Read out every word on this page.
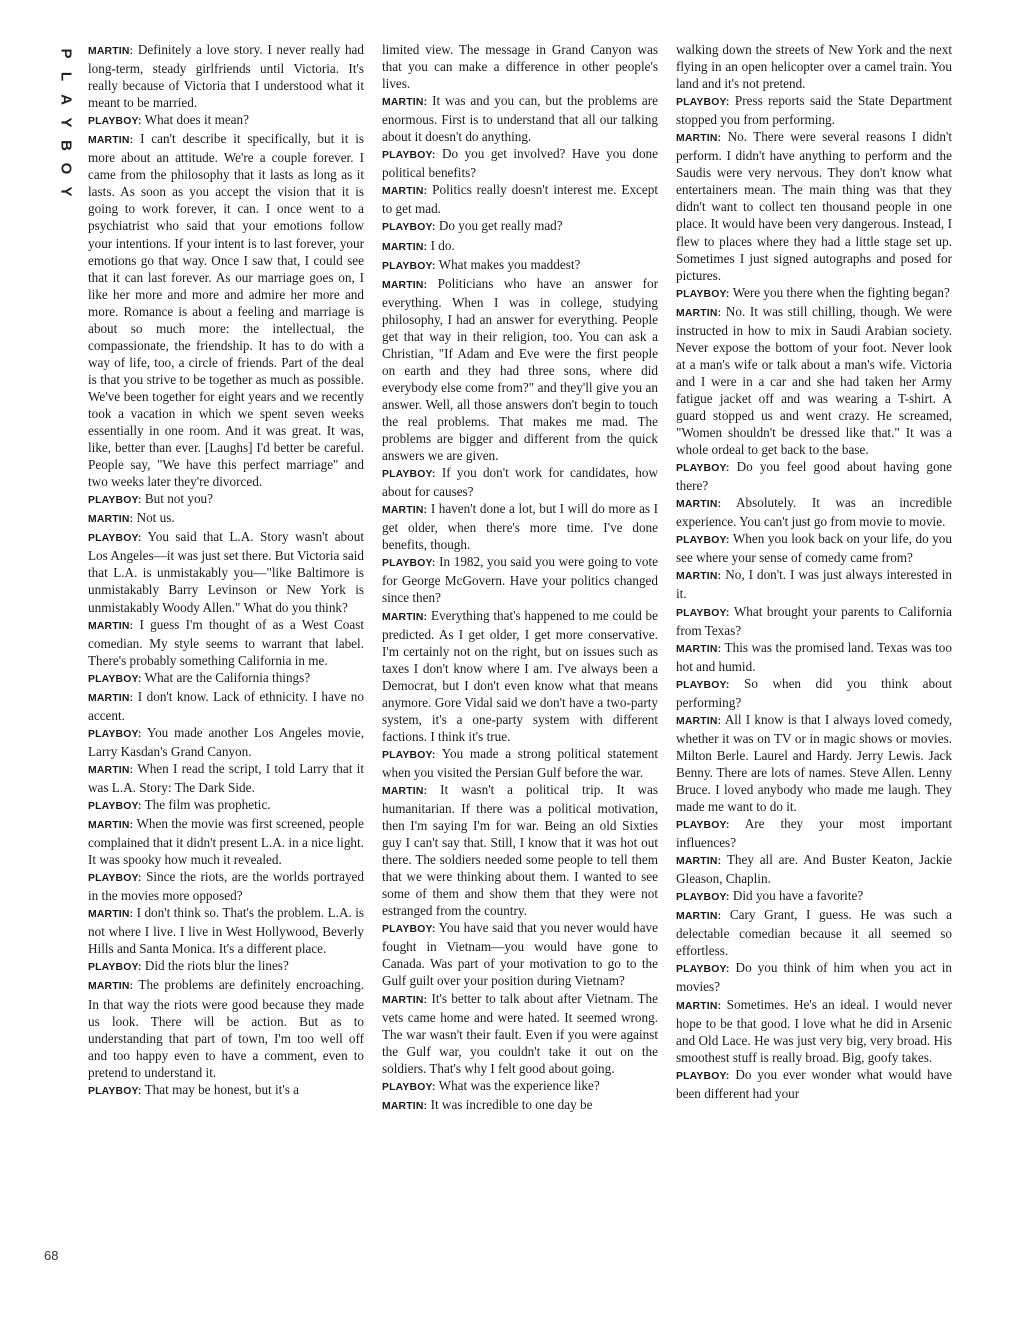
P
L
A
Y
B
O
Y

MARTIN: Definitely a love story. I never really had long-term, steady girlfriends until Victoria. It's really because of Victoria that I understood what it meant to be married.

PLAYBOY: What does it mean?

MARTIN: I can't describe it specifically, but it is more about an attitude. We're a couple forever. I came from the philosophy that it lasts as long as it lasts. As soon as you accept the vision that it is going to work forever, it can. I once went to a psychiatrist who said that your emotions follow your intentions. If your intent is to last forever, your emotions go that way. Once I saw that, I could see that it can last forever. As our marriage goes on, I like her more and more and admire her more and more. Romance is about a feeling and marriage is about so much more: the intellectual, the compassionate, the friendship. It has to do with a way of life, too, a circle of friends. Part of the deal is that you strive to be together as much as possible. We've been together for eight years and we recently took a vacation in which we spent seven weeks essentially in one room. And it was great. It was, like, better than ever. [Laughs] I'd better be careful. People say, "We have this perfect marriage" and two weeks later they're divorced.

PLAYBOY: But not you?

MARTIN: Not us.

PLAYBOY: You said that L.A. Story wasn't about Los Angeles—it was just set there. But Victoria said that L.A. is unmistakably you—"like Baltimore is unmistakably Barry Levinson or New York is unmistakably Woody Allen." What do you think?

MARTIN: I guess I'm thought of as a West Coast comedian. My style seems to warrant that label. There's probably something California in me.

PLAYBOY: What are the California things?

MARTIN: I don't know. Lack of ethnicity. I have no accent.

PLAYBOY: You made another Los Angeles movie, Larry Kasdan's Grand Canyon.

MARTIN: When I read the script, I told Larry that it was L.A. Story: The Dark Side.

PLAYBOY: The film was prophetic.

MARTIN: When the movie was first screened, people complained that it didn't present L.A. in a nice light. It was spooky how much it revealed.

PLAYBOY: Since the riots, are the worlds portrayed in the movies more opposed?

MARTIN: I don't think so. That's the problem. L.A. is not where I live. I live in West Hollywood, Beverly Hills and Santa Monica. It's a different place.

PLAYBOY: Did the riots blur the lines?

MARTIN: The problems are definitely encroaching. In that way the riots were good because they made us look. There will be action. But as to understanding that part of town, I'm too well off and too happy even to have a comment, even to pretend to understand it.

PLAYBOY: That may be honest, but it's a

limited view. The message in Grand Canyon was that you can make a difference in other people's lives.

MARTIN: It was and you can, but the problems are enormous. First is to understand that all our talking about it doesn't do anything.

PLAYBOY: Do you get involved? Have you done political benefits?

MARTIN: Politics really doesn't interest me. Except to get mad.

PLAYBOY: Do you get really mad?

MARTIN: I do.

PLAYBOY: What makes you maddest?

MARTIN: Politicians who have an answer for everything. When I was in college, studying philosophy, I had an answer for everything. People get that way in their religion, too. You can ask a Christian, "If Adam and Eve were the first people on earth and they had three sons, where did everybody else come from?" and they'll give you an answer. Well, all those answers don't begin to touch the real problems. That makes me mad. The problems are bigger and different from the quick answers we are given.

PLAYBOY: If you don't work for candidates, how about for causes?

MARTIN: I haven't done a lot, but I will do more as I get older, when there's more time. I've done benefits, though.

PLAYBOY: In 1982, you said you were going to vote for George McGovern. Have your politics changed since then?

MARTIN: Everything that's happened to me could be predicted. As I get older, I get more conservative. I'm certainly not on the right, but on issues such as taxes I don't know where I am. I've always been a Democrat, but I don't even know what that means anymore. Gore Vidal said we don't have a two-party system, it's a one-party system with different factions. I think it's true.

PLAYBOY: You made a strong political statement when you visited the Persian Gulf before the war.

MARTIN: It wasn't a political trip. It was humanitarian. If there was a political motivation, then I'm saying I'm for war. Being an old Sixties guy I can't say that. Still, I know that it was hot out there. The soldiers needed some people to tell them that we were thinking about them. I wanted to see some of them and show them that they were not estranged from the country.

PLAYBOY: You have said that you never would have fought in Vietnam—you would have gone to Canada. Was part of your motivation to go to the Gulf guilt over your position during Vietnam?

MARTIN: It's better to talk about after Vietnam. The vets came home and were hated. It seemed wrong. The war wasn't their fault. Even if you were against the Gulf war, you couldn't take it out on the soldiers. That's why I felt good about going.

PLAYBOY: What was the experience like?

MARTIN: It was incredible to one day be

walking down the streets of New York and the next flying in an open helicopter over a camel train. You land and it's not pretend.

PLAYBOY: Press reports said the State Department stopped you from performing.

MARTIN: No. There were several reasons I didn't perform. I didn't have anything to perform and the Saudis were very nervous. They don't know what entertainers mean. The main thing was that they didn't want to collect ten thousand people in one place. It would have been very dangerous. Instead, I flew to places where they had a little stage set up. Sometimes I just signed autographs and posed for pictures.

PLAYBOY: Were you there when the fighting began?

MARTIN: No. It was still chilling, though. We were instructed in how to mix in Saudi Arabian society. Never expose the bottom of your foot. Never look at a man's wife or talk about a man's wife. Victoria and I were in a car and she had taken her Army fatigue jacket off and was wearing a T-shirt. A guard stopped us and went crazy. He screamed, "Women shouldn't be dressed like that." It was a whole ordeal to get back to the base.

PLAYBOY: Do you feel good about having gone there?

MARTIN: Absolutely. It was an incredible experience. You can't just go from movie to movie.

PLAYBOY: When you look back on your life, do you see where your sense of comedy came from?

MARTIN: No, I don't. I was just always interested in it.

PLAYBOY: What brought your parents to California from Texas?

MARTIN: This was the promised land. Texas was too hot and humid.

PLAYBOY: So when did you think about performing?

MARTIN: All I know is that I always loved comedy, whether it was on TV or in magic shows or movies. Milton Berle. Laurel and Hardy. Jerry Lewis. Jack Benny. There are lots of names. Steve Allen. Lenny Bruce. I loved anybody who made me laugh. They made me want to do it.

PLAYBOY: Are they your most important influences?

MARTIN: They all are. And Buster Keaton, Jackie Gleason, Chaplin.

PLAYBOY: Did you have a favorite?

MARTIN: Cary Grant, I guess. He was such a delectable comedian because it all seemed so effortless.

PLAYBOY: Do you think of him when you act in movies?

MARTIN: Sometimes. He's an ideal. I would never hope to be that good. I love what he did in Arsenic and Old Lace. He was just very big, very broad. His smoothest stuff is really broad. Big, goofy takes.

PLAYBOY: Do you ever wonder what would have been different had your

68
